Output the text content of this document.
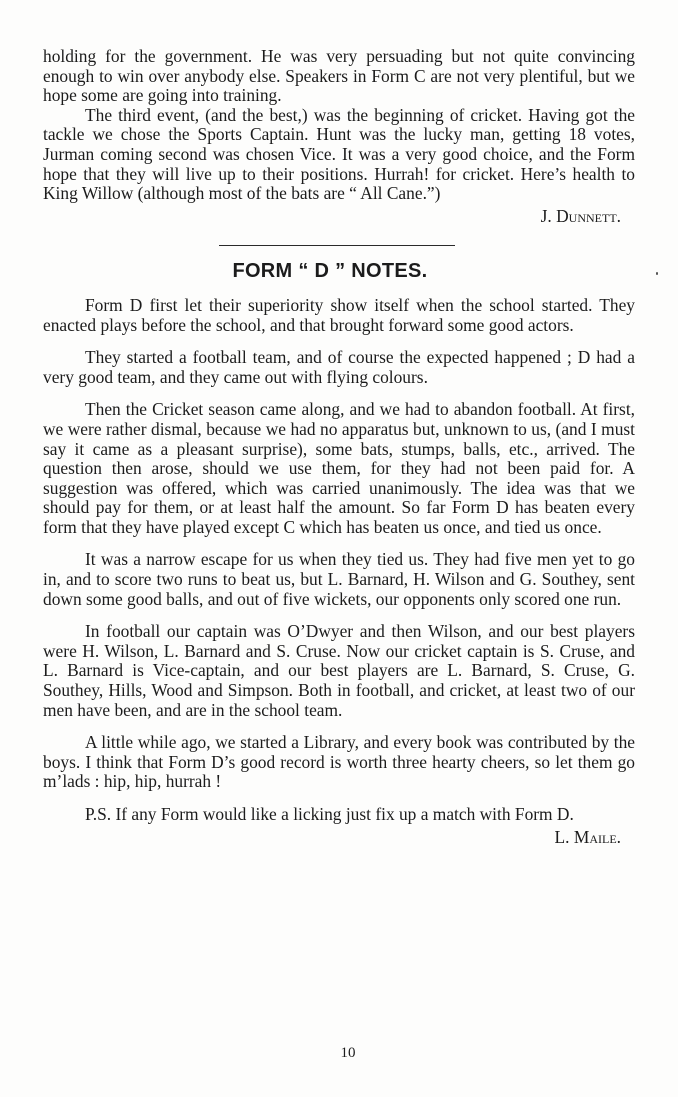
holding for the government. He was very persuading but not quite convincing enough to win over anybody else. Speakers in Form C are not very plentiful, but we hope some are going into training.

The third event, (and the best,) was the beginning of cricket. Having got the tackle we chose the Sports Captain. Hunt was the lucky man, getting 18 votes, Jurman coming second was chosen Vice. It was a very good choice, and the Form hope that they will live up to their positions. Hurrah! for cricket. Here’s health to King Willow (although most of the bats are “ All Cane.”)

J. Dunnett.
FORM “ D ” NOTES.

Form D first let their superiority show itself when the school started. They enacted plays before the school, and that brought forward some good actors.

They started a football team, and of course the expected happened ; D had a very good team, and they came out with flying colours.

Then the Cricket season came along, and we had to abandon football. At first, we were rather dismal, because we had no apparatus but, unknown to us, (and I must say it came as a pleasant surprise), some bats, stumps, balls, etc., arrived. The question then arose, should we use them, for they had not been paid for. A suggestion was offered, which was carried unanimously. The idea was that we should pay for them, or at least half the amount. So far Form D has beaten every form that they have played except C which has beaten us once, and tied us once.

It was a narrow escape for us when they tied us. They had five men yet to go in, and to score two runs to beat us, but L. Barnard, H. Wilson and G. Southey, sent down some good balls, and out of five wickets, our opponents only scored one run.

In football our captain was O’Dwyer and then Wilson, and our best players were H. Wilson, L. Barnard and S. Cruse. Now our cricket captain is S. Cruse, and L. Barnard is Vice-captain, and our best players are L. Barnard, S. Cruse, G. Southey, Hills, Wood and Simpson. Both in football, and cricket, at least two of our men have been, and are in the school team.

A little while ago, we started a Library, and every book was contributed by the boys. I think that Form D’s good record is worth three hearty cheers, so let them go m’lads : hip, hip, hurrah !

P.S. If any Form would like a licking just fix up a match with Form D.

L. Maile.
10
